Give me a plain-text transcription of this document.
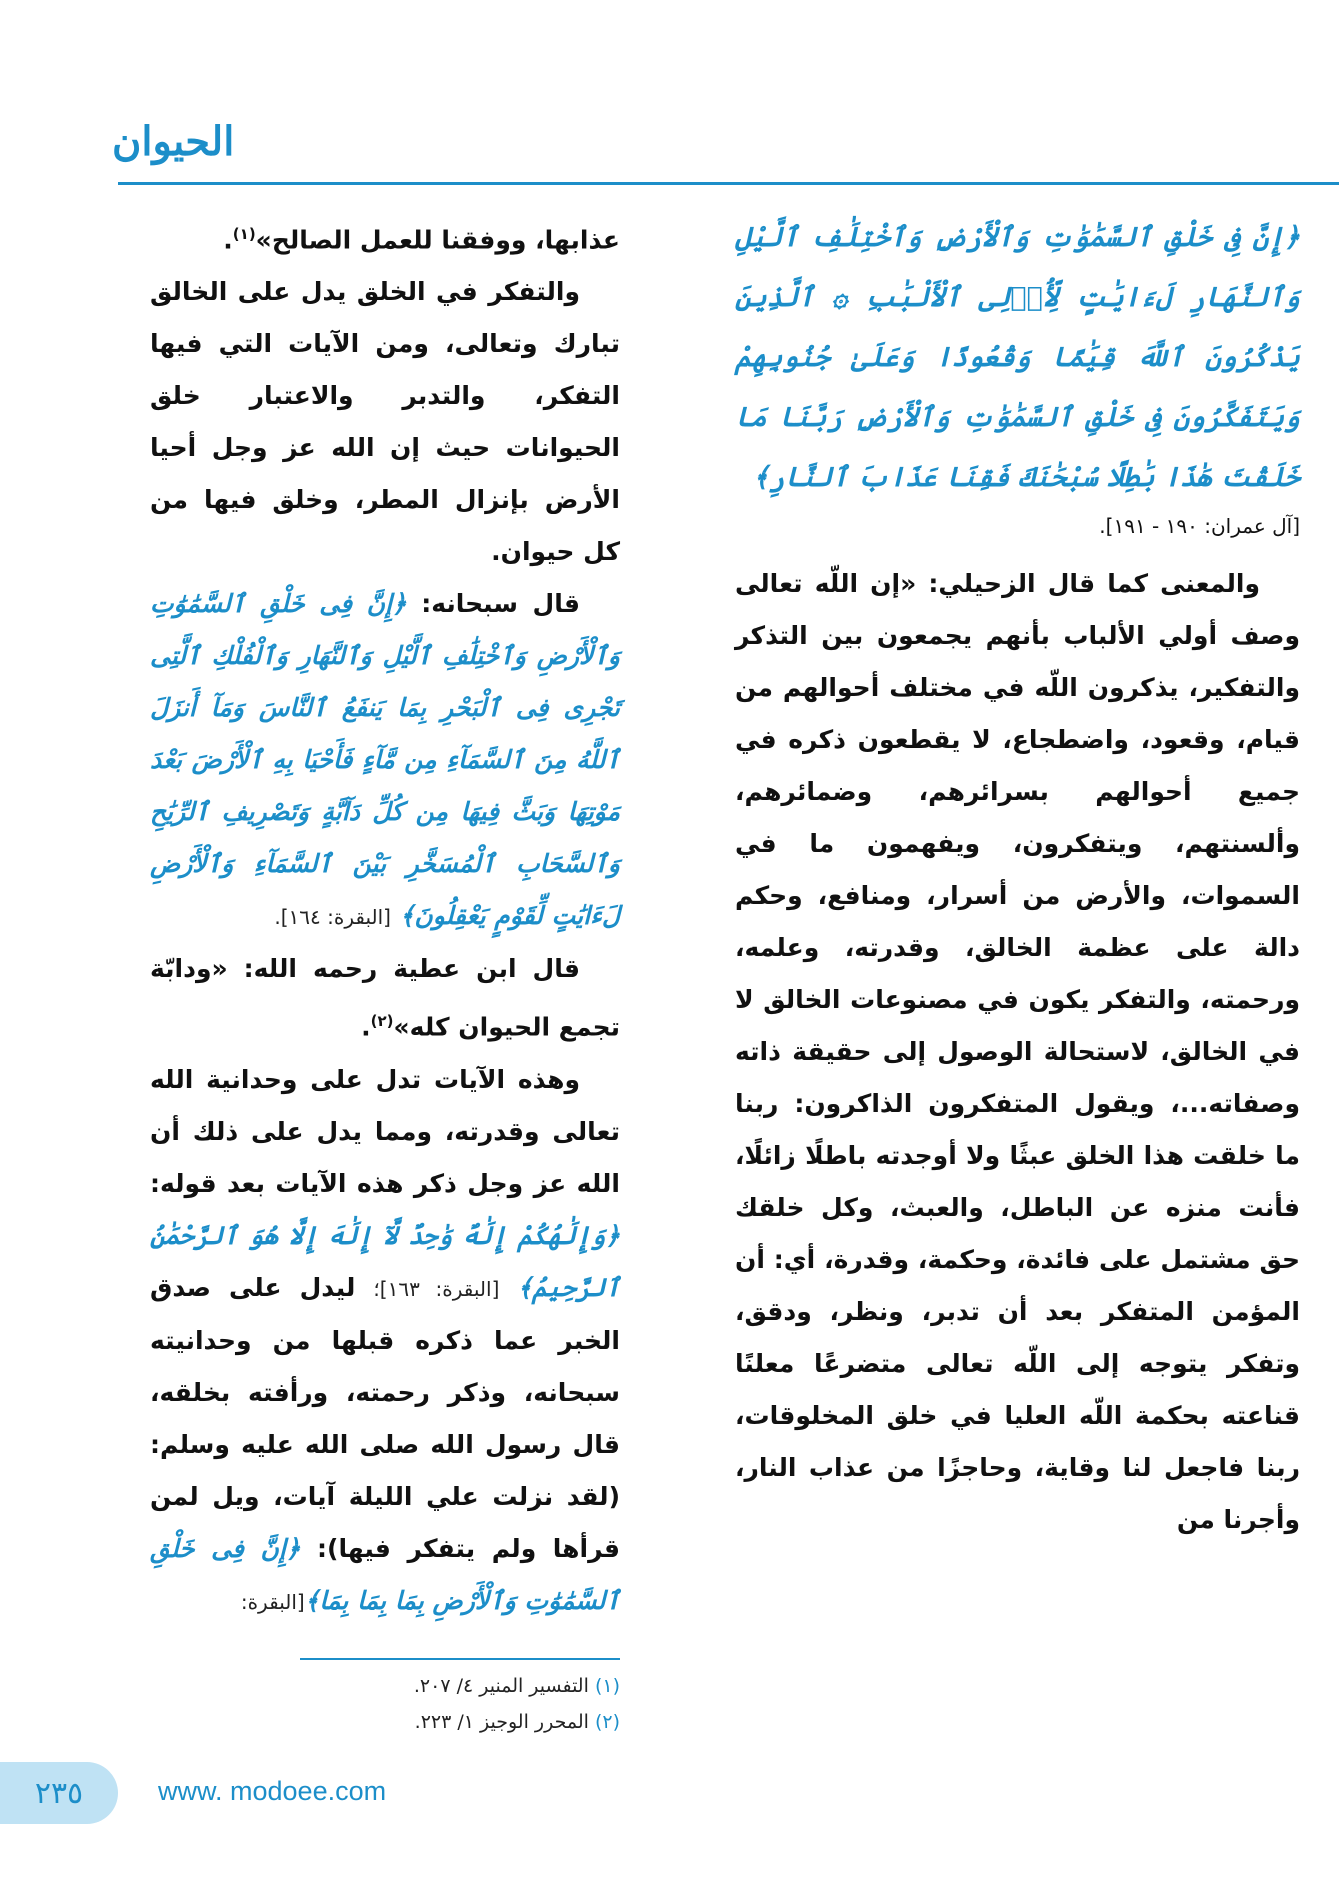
الحيوان

﴿إِنَّ فِى خَلْقِ ٱلسَّمَٰوَٰتِ وَٱلْأَرْضِ وَٱخْتِلَٰفِ ٱلَّيْلِ وَٱلنَّهَارِ لَءَايَٰتٍ لِّأُو۟لِى ٱلْأَلْبَٰبِ ۞ ٱلَّذِينَ يَذْكُرُونَ ٱللَّهَ قِيَٰمًا وَقُعُودًا وَعَلَىٰ جُنُوبِهِمْ وَيَتَفَكَّرُونَ فِى خَلْقِ ٱلسَّمَٰوَٰتِ وَٱلْأَرْضِ رَبَّنَا مَا خَلَقْتَ هَٰذَا بَٰطِلًا سُبْحَٰنَكَ فَقِنَا عَذَابَ ٱلنَّارِ﴾

[آل عمران: ١٩٠ - ١٩١].

والمعنى كما قال الزحيلي: «إن اللّه تعالى وصف أولي الألباب بأنهم يجمعون بين التذكر والتفكير، يذكرون اللّه في مختلف أحوالهم من قيام، وقعود، واضطجاع، لا يقطعون ذكره في جميع أحوالهم بسرائرهم، وضمائرهم، وألسنتهم، ويتفكرون، ويفهمون ما في السموات، والأرض من أسرار، ومنافع، وحكم دالة على عظمة الخالق، وقدرته، وعلمه، ورحمته، والتفكر يكون في مصنوعات الخالق لا في الخالق، لاستحالة الوصول إلى حقيقة ذاته وصفاته...، ويقول المتفكرون الذاكرون: ربنا ما خلقت هذا الخلق عبثًا ولا أوجدته باطلًا زائلًا، فأنت منزه عن الباطل، والعبث، وكل خلقك حق مشتمل على فائدة، وحكمة، وقدرة، أي: أن المؤمن المتفكر بعد أن تدبر، ونظر، ودقق، وتفكر يتوجه إلى اللّه تعالى متضرعًا معلنًا قناعته بحكمة اللّه العليا في خلق المخلوقات، ربنا فاجعل لنا وقاية، وحاجزًا من عذاب النار، وأجرنا من

عذابها، ووفقنا للعمل الصالح»$^{(١)}$.

والتفكر في الخلق يدل على الخالق تبارك وتعالى، ومن الآيات التي فيها التفكر، والتدبر والاعتبار خلق الحيوانات حيث إن الله عز وجل أحيا الأرض بإنزال المطر، وخلق فيها من كل حيوان.

قال سبحانه: ﴿إِنَّ فِى خَلْقِ ٱلسَّمَٰوَٰتِ وَٱلْأَرْضِ وَٱخْتِلَٰفِ ٱلَّيْلِ وَٱلنَّهَارِ وَٱلْفُلْكِ ٱلَّتِى تَجْرِى فِى ٱلْبَحْرِ بِمَا يَنفَعُ ٱلنَّاسَ وَمَآ أَنزَلَ ٱللَّهُ مِنَ ٱلسَّمَآءِ مِن مَّآءٍ فَأَحْيَا بِهِ ٱلْأَرْضَ بَعْدَ مَوْتِهَا وَبَثَّ فِيهَا مِن كُلِّ دَآبَّةٍ وَتَصْرِيفِ ٱلرِّيَٰحِ وَٱلسَّحَابِ ٱلْمُسَخَّرِ بَيْنَ ٱلسَّمَآءِ وَٱلْأَرْضِ لَءَايَٰتٍ لِّقَوْمٍ يَعْقِلُونَ﴾ [البقرة: ١٦٤].

قال ابن عطية رحمه الله: «ودابّة تجمع الحيوان كله»$^{(٢)}$.

وهذه الآيات تدل على وحدانية الله تعالى وقدرته، ومما يدل على ذلك أن الله عز وجل ذكر هذه الآيات بعد قوله: ﴿وَإِلَٰهُكُمْ إِلَٰهٌ وَٰحِدٌ لَّآ إِلَٰهَ إِلَّا هُوَ ٱلرَّحْمَٰنُ ٱلرَّحِيمُ﴾ [البقرة: ١٦٣]؛ ليدل على صدق الخبر عما ذكره قبلها من وحدانيته سبحانه، وذكر رحمته، ورأفته بخلقه، قال رسول الله صلى الله عليه وسلم: (لقد نزلت علي الليلة آيات، ويل لمن قرأها ولم يتفكر فيها): ﴿إِنَّ فِى خَلْقِ ٱلسَّمَٰوَٰتِ وَٱلْأَرْضِ بِمَا بِمَا بِمَا﴾[البقرة:

(١) التفسير المنير ٤/ ٢٠٧.
(٢) المحرر الوجيز ١/ ٢٢٣.
٢٣٥	www. modoee.com
